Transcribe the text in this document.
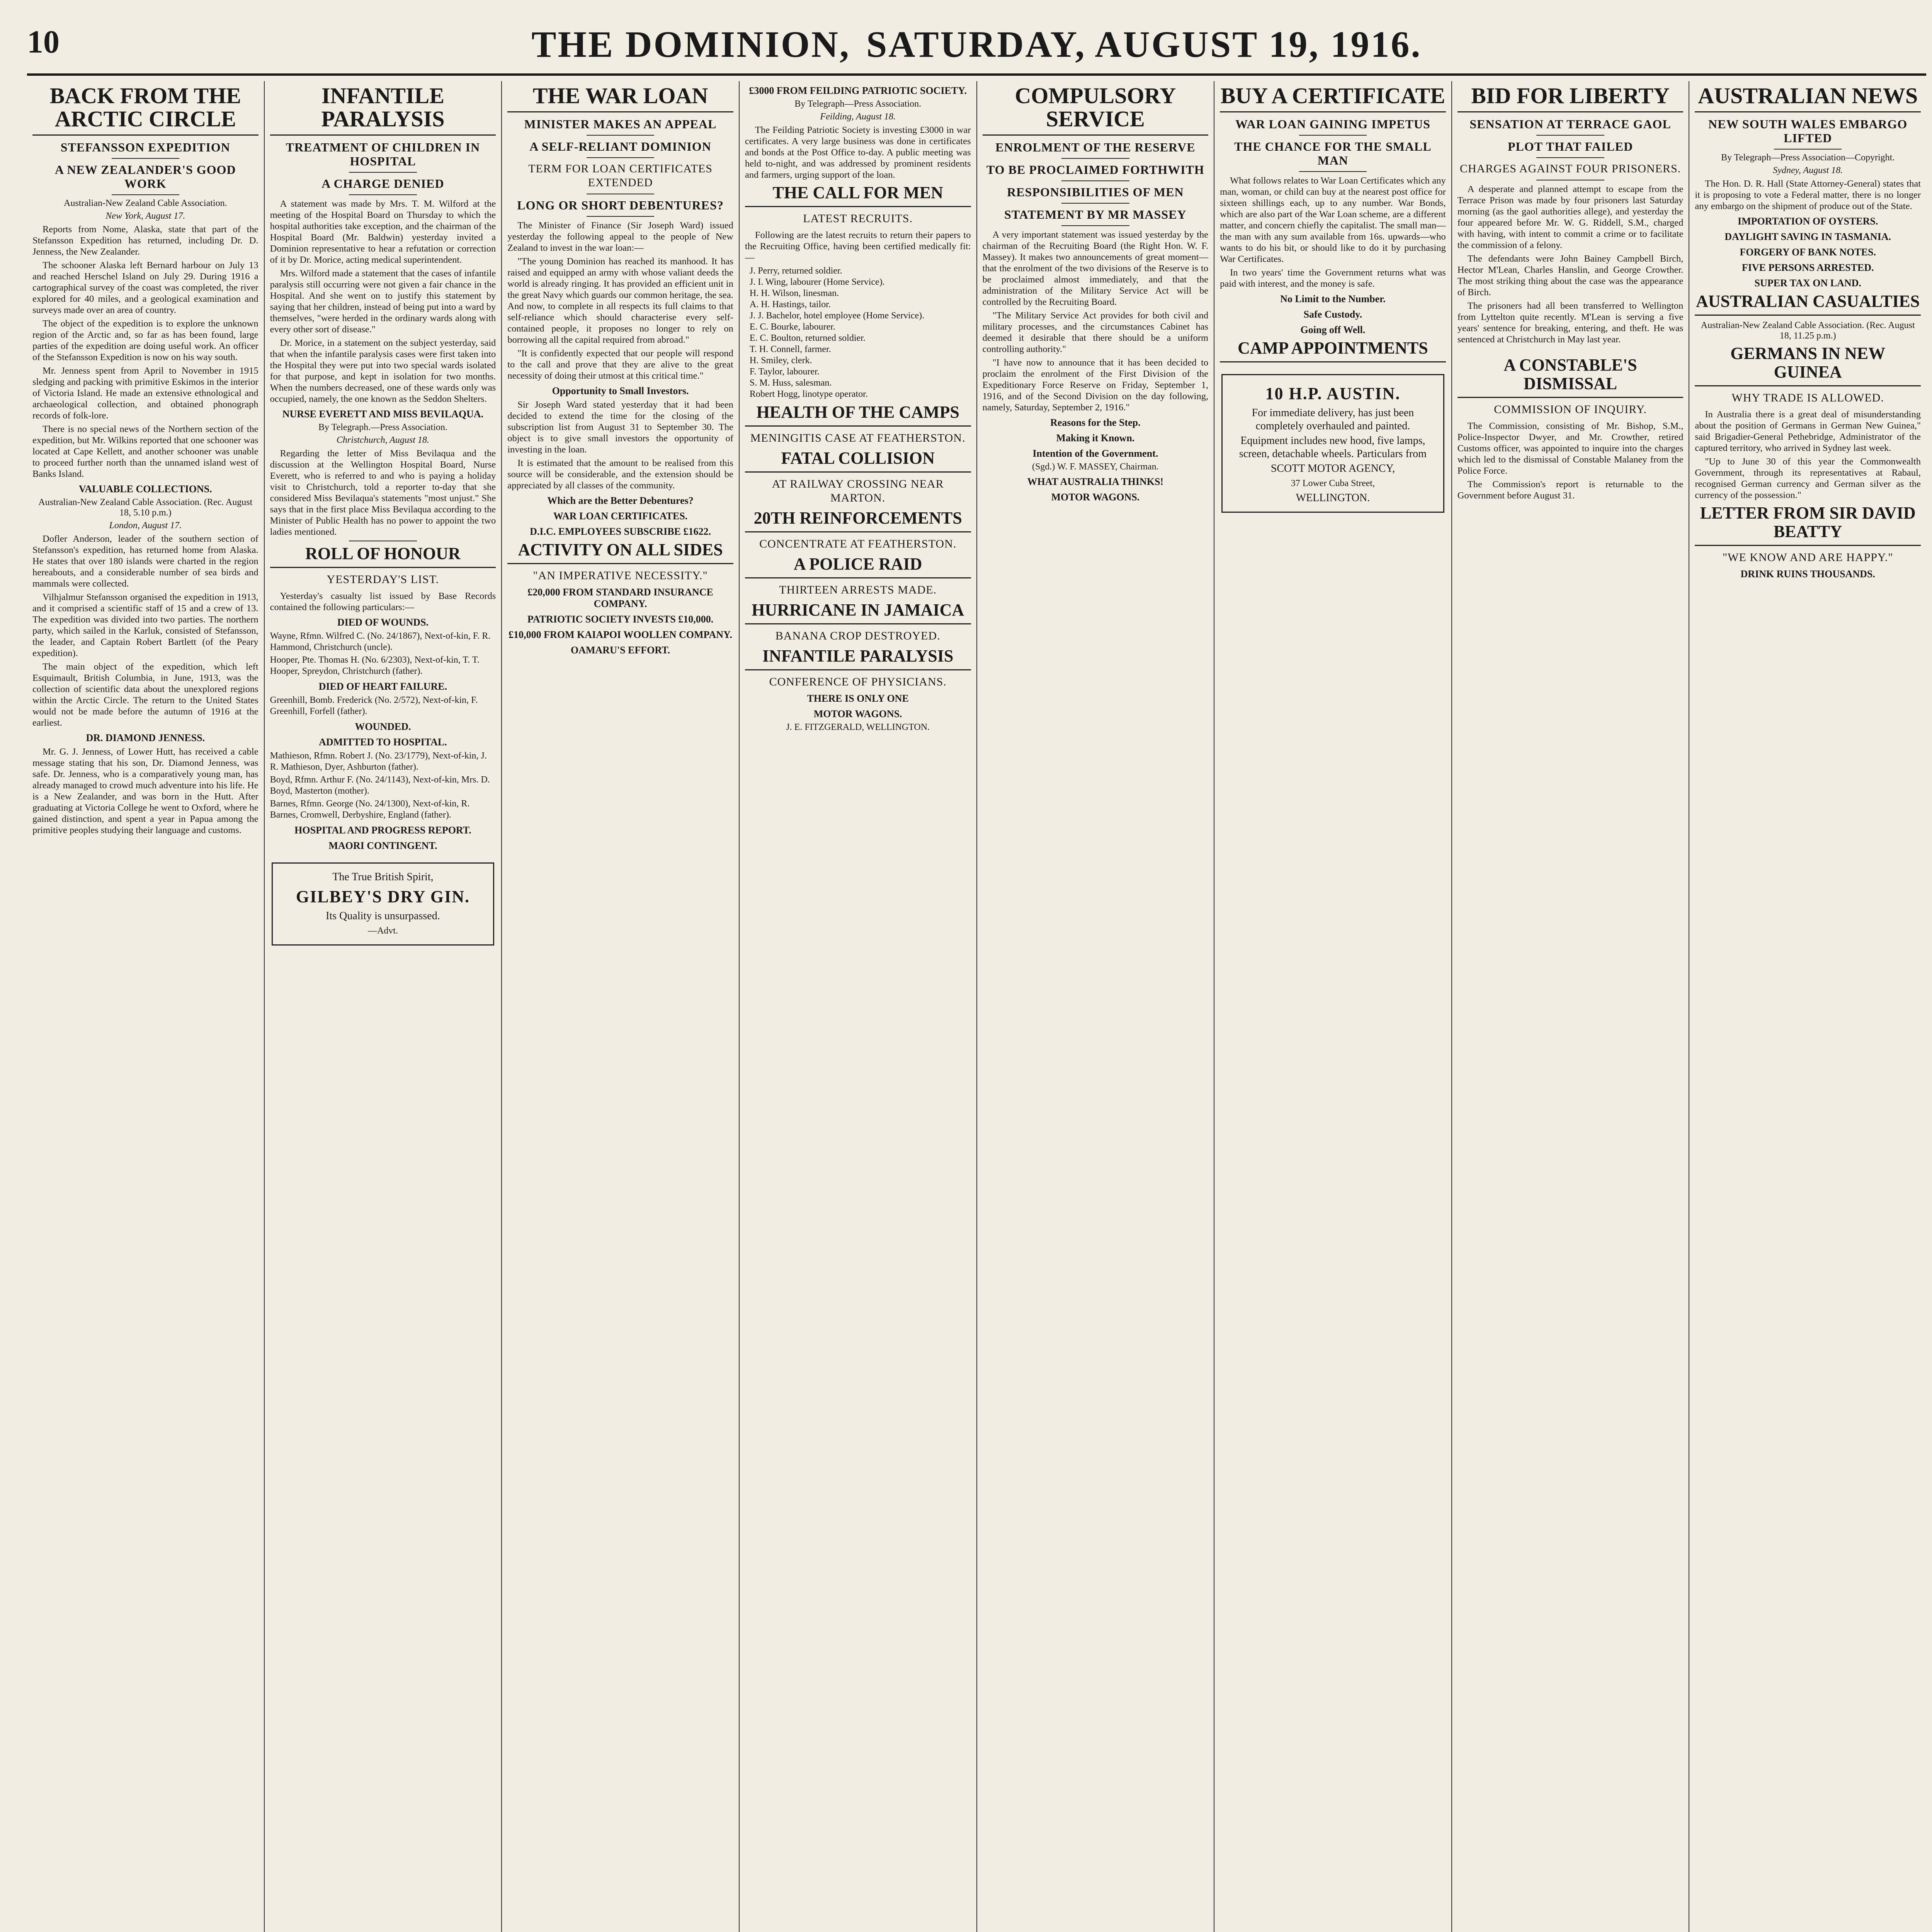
10	THE DOMINION, SATURDAY, AUGUST 19, 1916.
BACK FROM THE ARCTIC CIRCLE
STEFANSSON EXPEDITION
A NEW ZEALANDER'S GOOD WORK
Australian-New Zealand Cable Association.
New York, August 17.

Reports from Nome, Alaska, state that part of the Stefansson Expedition has returned, including Dr. D. Jenness, the New Zealander.

The schooner Alaska left Bernard harbour on July 13 and reached Herschel Island on July 29. During 1916 a cartographical survey of the coast was completed, the river explored for 40 miles, and a geological examination and surveys made over an area of country.

The object of the expedition is to explore the unknown region of the Arctic and, so far as has been found, large parties of the expedition are doing useful work. An officer of the Stefansson Expedition is now on his way south.

Mr. Jenness spent from April to November in 1915 sledging and packing with primitive Eskimos in the interior of Victoria Island. He made an extensive ethnological and archaeological collection, and obtained phonograph records of folk-lore.

There is no special news of the Northern section of the expedition, but Mr. Wilkins reported that one schooner was located at Cape Kellett, and another schooner was unable to proceed further north than the unnamed island west of Banks Island.

VALUABLE COLLECTIONS.
Australian-New Zealand Cable Association. (Rec. August 18, 5.10 p.m.)
London, August 17.

Dofler Anderson, leader of the southern section of Stefansson's expedition, has returned home from Alaska. He states that over 180 islands were charted in the region hereabouts, and a considerable number of sea birds and mammals were collected.

Vilhjalmur Stefansson organised the expedition in 1913, and it comprised a scientific staff of 15 and a crew of 13. The expedition was divided into two parties. The northern party, which sailed in the Karluk, consisted of Stefansson, the leader, and Captain Robert Bartlett (of the Peary expedition).

The main object of the expedition, which left Esquimault, British Columbia, in June, 1913, was the collection of scientific data about the unexplored regions within the Arctic Circle. The return to the United States would not be made before the autumn of 1916 at the earliest.

DR. DIAMOND JENNESS.

Mr. G. J. Jenness, of Lower Hutt, has received a cable message stating that his son, Dr. Diamond Jenness, was safe. Dr. Jenness, who is a comparatively young man, has already managed to crowd much adventure into his life. He is a New Zealander, and was born in the Hutt. After graduating at Victoria College he went to Oxford, where he gained distinction, and spent a year in Papua among the primitive peoples studying their language and customs.

INFANTILE PARALYSIS
TREATMENT OF CHILDREN IN HOSPITAL
A CHARGE DENIED

A statement was made by Mrs. T. M. Wilford at the meeting of the Hospital Board on Thursday to which the hospital authorities take exception, and the chairman of the Hospital Board (Mr. Baldwin) yesterday invited a Dominion representative to hear a refutation or correction of it by Dr. Morice, acting medical superintendent.

Mrs. Wilford made a statement that the cases of infantile paralysis still occurring were not given a fair chance in the Hospital. And she went on to justify this statement by saying that her children, instead of being put into a ward by themselves, "were herded in the ordinary wards along with every other sort of disease."

Dr. Morice, in a statement on the subject yesterday, said that when the infantile paralysis cases were first taken into the Hospital they were put into two special wards isolated for that purpose, and kept in isolation for two months. When the numbers decreased, one of these wards only was occupied, namely, the one known as the Seddon Shelters.

NURSE EVERETT AND MISS BEVILAQUA.
By Telegraph.—Press Association.
Christchurch, August 18.

Regarding the letter of Miss Bevilaqua and the discussion at the Wellington Hospital Board, Nurse Everett, who is referred to and who is paying a holiday visit to Christchurch, told a reporter to-day that she considered Miss Bevilaqua's statements "most unjust." She says that in the first place Miss Bevilaqua according to the Minister of Public Health has no power to appoint the two ladies mentioned.

ROLL OF HONOUR
YESTERDAY'S LIST.

Yesterday's casualty list issued by Base Records contained the following particulars:—

DIED OF WOUNDS.
Wayne, Rfmn. Wilfred C. (No. 24/1867), Next-of-kin, F. R. Hammond, Christchurch (uncle).
Hooper, Pte. Thomas H. (No. 6/2303), Next-of-kin, T. T. Hooper, Spreydon, Christchurch (father).
DIED OF HEART FAILURE.
Greenhill, Bomb. Frederick (No. 2/572), Next-of-kin, F. Greenhill, Forfell (father).
WOUNDED.
ADMITTED TO HOSPITAL.
Mathieson, Rfmn. Robert J. (No. 23/1779), Next-of-kin, J. R. Mathieson, Dyer, Ashburton (father).
Boyd, Rfmn. Arthur F. (No. 24/1143), Next-of-kin, Mrs. D. Boyd, Masterton (mother).
Barnes, Rfmn. George (No. 24/1300), Next-of-kin, R. Barnes, Cromwell, Derbyshire, England (father).
HOSPITAL AND PROGRESS REPORT.
MAORI CONTINGENT.
The True British Spirit,
GILBEY'S DRY GIN.
Its Quality is unsurpassed.
—Advt.
THE WAR LOAN
MINISTER MAKES AN APPEAL
A SELF-RELIANT DOMINION
TERM FOR LOAN CERTIFICATES EXTENDED
LONG OR SHORT DEBENTURES?

The Minister of Finance (Sir Joseph Ward) issued yesterday the following appeal to the people of New Zealand to invest in the war loan:—

"The young Dominion has reached its manhood. It has raised and equipped an army with whose valiant deeds the world is already ringing. It has provided an efficient unit in the great Navy which guards our common heritage, the sea. And now, to complete in all respects its full claims to that self-reliance which should characterise every self-contained people, it proposes no longer to rely on borrowing all the capital required from abroad."

"It is confidently expected that our people will respond to the call and prove that they are alive to the great necessity of doing their utmost at this critical time."

Opportunity to Small Investors.

Sir Joseph Ward stated yesterday that it had been decided to extend the time for the closing of the subscription list from August 31 to September 30. The object is to give small investors the opportunity of investing in the loan.

It is estimated that the amount to be realised from this source will be considerable, and the extension should be appreciated by all classes of the community.

Which are the Better Debentures?
WAR LOAN CERTIFICATES.
D.I.C. EMPLOYEES SUBSCRIBE £1622.
ACTIVITY ON ALL SIDES
"AN IMPERATIVE NECESSITY."
£20,000 FROM STANDARD INSURANCE COMPANY.
PATRIOTIC SOCIETY INVESTS £10,000.
£10,000 FROM KAIAPOI WOOLLEN COMPANY.
OAMARU'S EFFORT.
£3000 FROM FEILDING PATRIOTIC SOCIETY.
By Telegraph—Press Association.
Feilding, August 18.

The Feilding Patriotic Society is investing £3000 in war certificates. A very large business was done in certificates and bonds at the Post Office to-day. A public meeting was held to-night, and was addressed by prominent residents and farmers, urging support of the loan.

THE CALL FOR MEN
LATEST RECRUITS.

Following are the latest recruits to return their papers to the Recruiting Office, having been certified medically fit:—

J. Perry, returned soldier.
J. I. Wing, labourer (Home Service).
H. H. Wilson, linesman.
A. H. Hastings, tailor.
J. J. Bachelor, hotel employee (Home Service).
E. C. Bourke, labourer.
E. C. Boulton, returned soldier.
T. H. Connell, farmer.
H. Smiley, clerk.
F. Taylor, labourer.
S. M. Huss, salesman.
Robert Hogg, linotype operator.
HEALTH OF THE CAMPS
MENINGITIS CASE AT FEATHERSTON.
FATAL COLLISION
AT RAILWAY CROSSING NEAR MARTON.
20TH REINFORCEMENTS
CONCENTRATE AT FEATHERSTON.
A POLICE RAID
THIRTEEN ARRESTS MADE.
HURRICANE IN JAMAICA
BANANA CROP DESTROYED.
INFANTILE PARALYSIS
CONFERENCE OF PHYSICIANS.
THERE IS ONLY ONE
MOTOR WAGONS.
J. E. FITZGERALD, WELLINGTON.
COMPULSORY SERVICE
ENROLMENT OF THE RESERVE
TO BE PROCLAIMED FORTHWITH
RESPONSIBILITIES OF MEN
STATEMENT BY MR MASSEY

A very important statement was issued yesterday by the chairman of the Recruiting Board (the Right Hon. W. F. Massey). It makes two announcements of great moment—that the enrolment of the two divisions of the Reserve is to be proclaimed almost immediately, and that the administration of the Military Service Act will be controlled by the Recruiting Board.

"The Military Service Act provides for both civil and military processes, and the circumstances Cabinet has deemed it desirable that there should be a uniform controlling authority."

"I have now to announce that it has been decided to proclaim the enrolment of the First Division of the Expeditionary Force Reserve on Friday, September 1, 1916, and of the Second Division on the day following, namely, Saturday, September 2, 1916."

Reasons for the Step.
Making it Known.
Intention of the Government.
(Sgd.) W. F. MASSEY, Chairman.
WHAT AUSTRALIA THINKS!
MOTOR WAGONS.
BUY A CERTIFICATE
WAR LOAN GAINING IMPETUS
THE CHANCE FOR THE SMALL MAN

What follows relates to War Loan Certificates which any man, woman, or child can buy at the nearest post office for sixteen shillings each, up to any number. War Bonds, which are also part of the War Loan scheme, are a different matter, and concern chiefly the capitalist. The small man—the man with any sum available from 16s. upwards—who wants to do his bit, or should like to do it by purchasing War Certificates.

In two years' time the Government returns what was paid with interest, and the money is safe.

No Limit to the Number.
Safe Custody.
Going off Well.
CAMP APPOINTMENTS
10 H.P. AUSTIN.
For immediate delivery, has just been completely overhauled and painted.
Equipment includes new hood, five lamps, screen, detachable wheels. Particulars from
SCOTT MOTOR AGENCY,
37 Lower Cuba Street,
WELLINGTON.
BID FOR LIBERTY
SENSATION AT TERRACE GAOL
PLOT THAT FAILED
CHARGES AGAINST FOUR PRISONERS.

A desperate and planned attempt to escape from the Terrace Prison was made by four prisoners last Saturday morning (as the gaol authorities allege), and yesterday the four appeared before Mr. W. G. Riddell, S.M., charged with having, with intent to commit a crime or to facilitate the commission of a felony.

The defendants were John Bainey Campbell Birch, Hector M'Lean, Charles Hanslin, and George Crowther. The most striking thing about the case was the appearance of Birch.

The prisoners had all been transferred to Wellington from Lyttelton quite recently. M'Lean is serving a five years' sentence for breaking, entering, and theft. He was sentenced at Christchurch in May last year.

A CONSTABLE'S DISMISSAL
COMMISSION OF INQUIRY.

The Commission, consisting of Mr. Bishop, S.M., Police-Inspector Dwyer, and Mr. Crowther, retired Customs officer, was appointed to inquire into the charges which led to the dismissal of Constable Malaney from the Police Force.

The Commission's report is returnable to the Government before August 31.

AUSTRALIAN NEWS
NEW SOUTH WALES EMBARGO LIFTED
By Telegraph—Press Association—Copyright.
Sydney, August 18.

The Hon. D. R. Hall (State Attorney-General) states that it is proposing to vote a Federal matter, there is no longer any embargo on the shipment of produce out of the State.

IMPORTATION OF OYSTERS.
DAYLIGHT SAVING IN TASMANIA.
FORGERY OF BANK NOTES.
FIVE PERSONS ARRESTED.
SUPER TAX ON LAND.
AUSTRALIAN CASUALTIES
Australian-New Zealand Cable Association. (Rec. August 18, 11.25 p.m.)
GERMANS IN NEW GUINEA
WHY TRADE IS ALLOWED.

In Australia there is a great deal of misunderstanding about the position of Germans in German New Guinea," said Brigadier-General Pethebridge, Administrator of the captured territory, who arrived in Sydney last week.

"Up to June 30 of this year the Commonwealth Government, through its representatives at Rabaul, recognised German currency and German silver as the currency of the possession."

LETTER FROM SIR DAVID BEATTY
"WE KNOW AND ARE HAPPY."
DRINK RUINS THOUSANDS.
